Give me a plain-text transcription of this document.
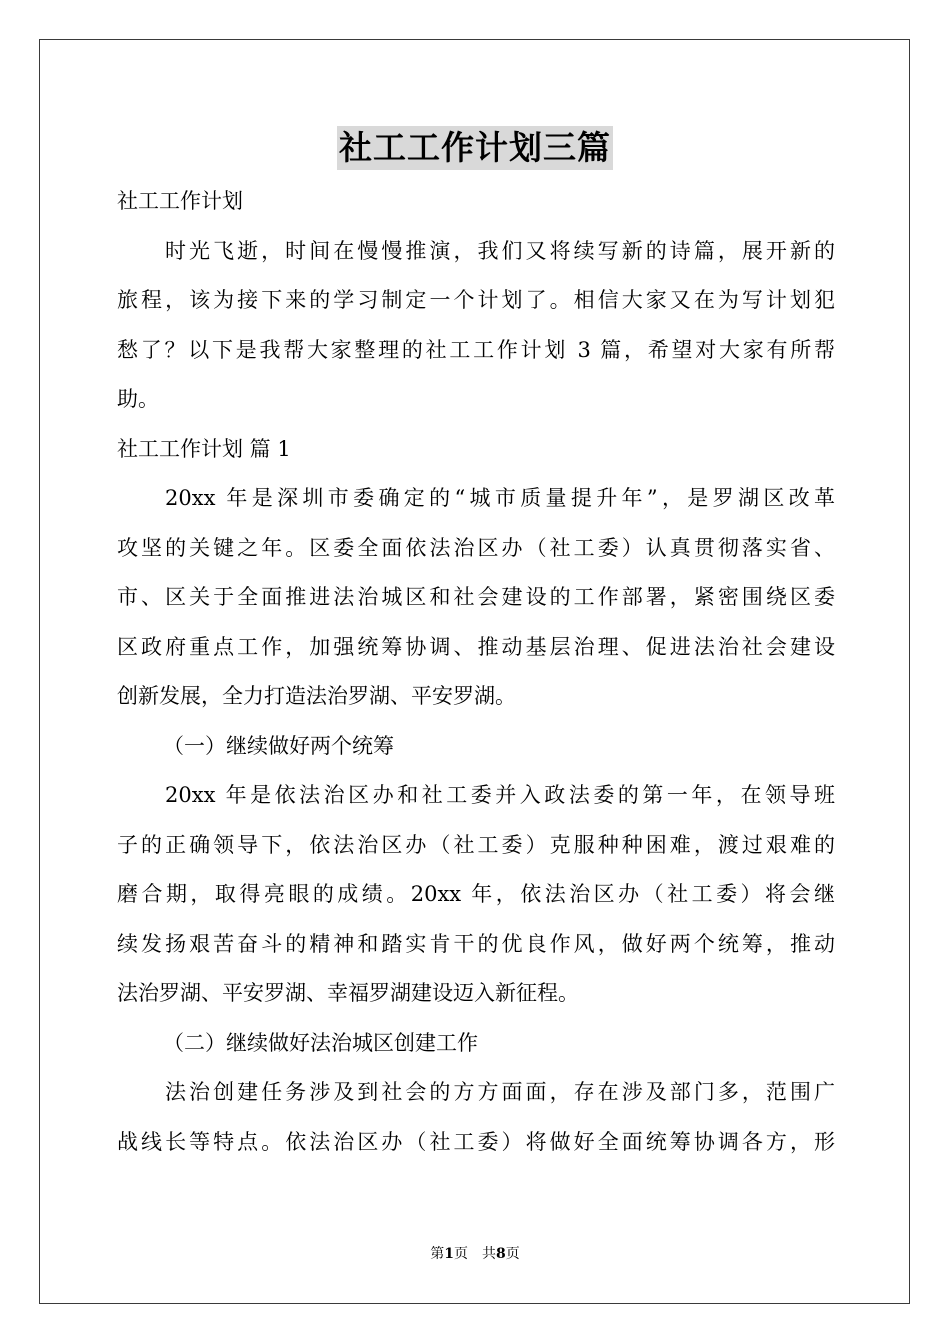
社工工作计划三篇
社工工作计划
时光飞逝，时间在慢慢推演，我们又将续写新的诗篇，展开新的
旅程，该为接下来的学习制定一个计划了。相信大家又在为写计划犯
愁了？以下是我帮大家整理的社工工作计划 3 篇，希望对大家有所帮
助。
社工工作计划 篇 1
20xx 年是深圳市委确定的“城市质量提升年”，是罗湖区改革
攻坚的关键之年。区委全面依法治区办（社工委）认真贯彻落实省、
市、区关于全面推进法治城区和社会建设的工作部署，紧密围绕区委
区政府重点工作，加强统筹协调、推动基层治理、促进法治社会建设
创新发展，全力打造法治罗湖、平安罗湖。
（一）继续做好两个统筹
20xx 年是依法治区办和社工委并入政法委的第一年，在领导班
子的正确领导下，依法治区办（社工委）克服种种困难，渡过艰难的
磨合期，取得亮眼的成绩。20xx 年，依法治区办（社工委）将会继
续发扬艰苦奋斗的精神和踏实肯干的优良作风，做好两个统筹，推动
法治罗湖、平安罗湖、幸福罗湖建设迈入新征程。
（二）继续做好法治城区创建工作
法治创建任务涉及到社会的方方面面，存在涉及部门多，范围广
战线长等特点。依法治区办（社工委）将做好全面统筹协调各方，形
第1页　共8页
